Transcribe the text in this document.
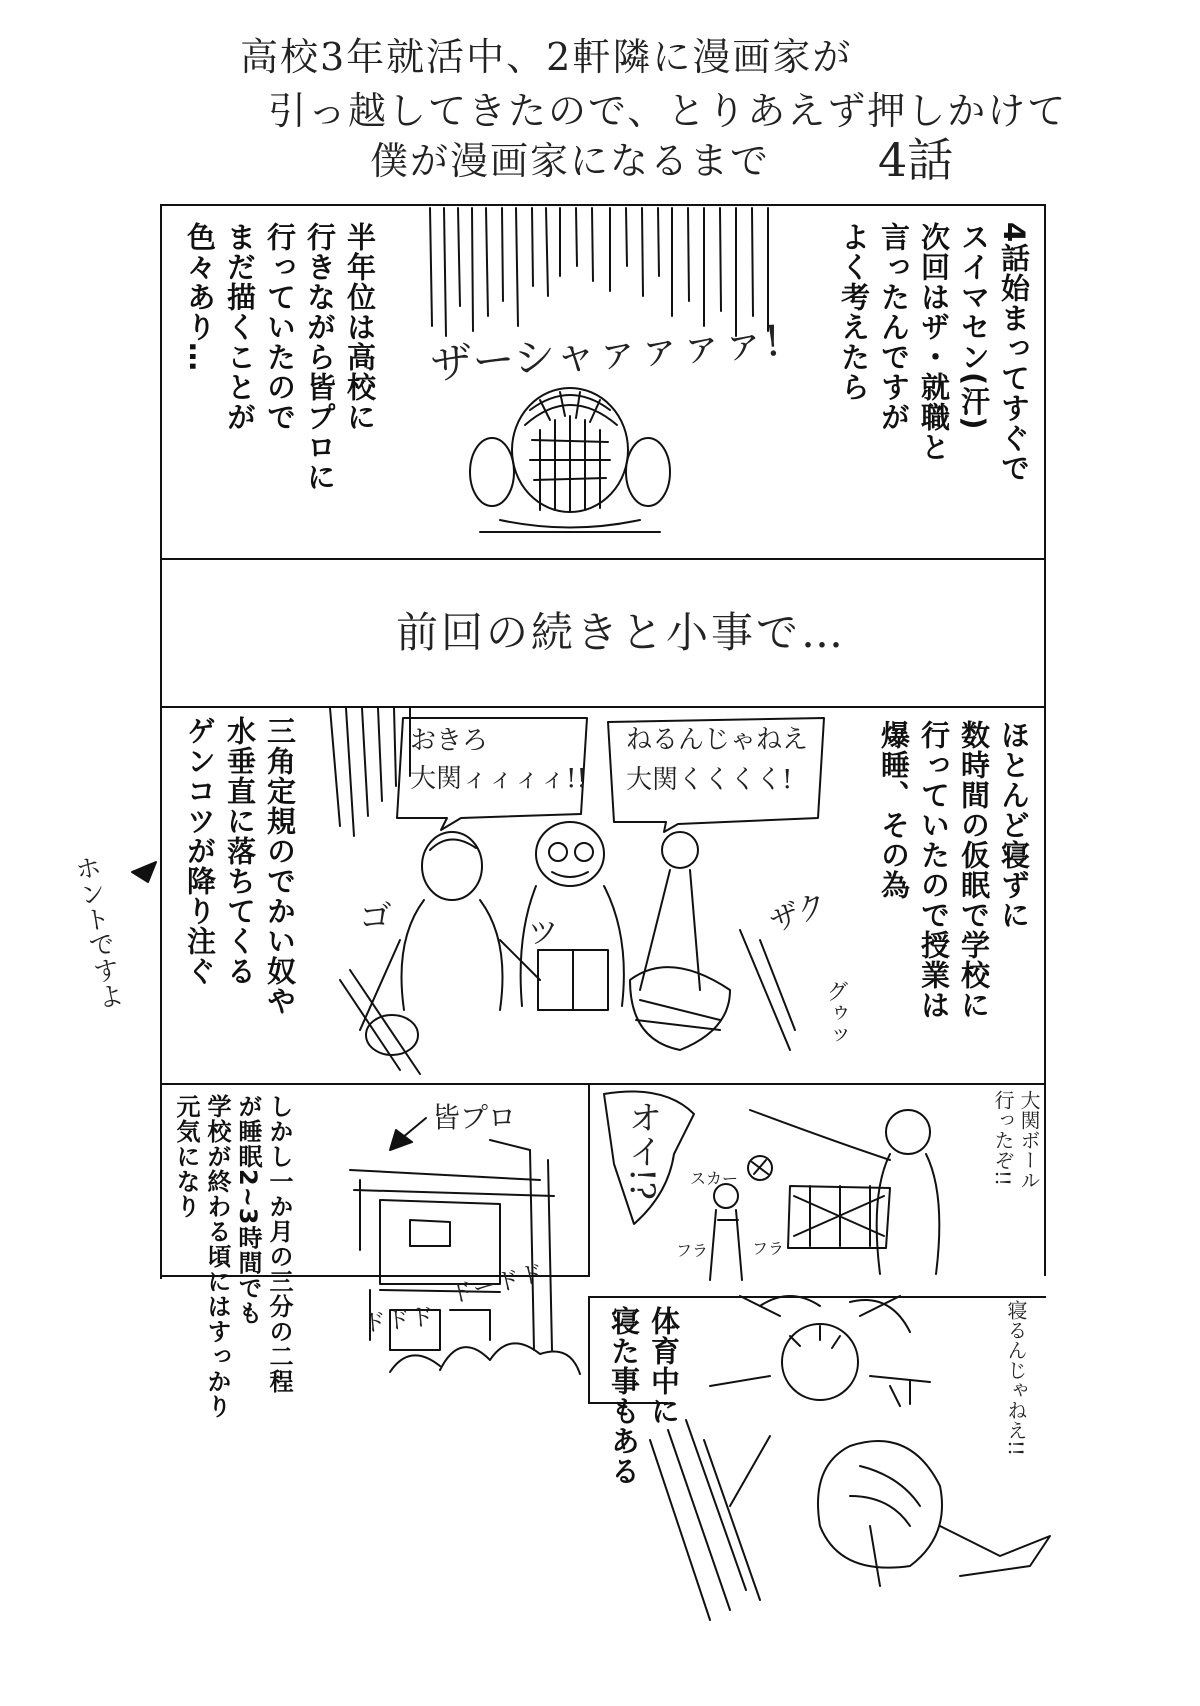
高校3年就活中、2軒隣に漫画家が
引っ越してきたので、とりあえず押しかけて
僕が漫画家になるまで 4話
4話始まってすぐで
スイマセン(汗)
次回はザ・就職と
言ったんですが
よく考えたら
半年位は高校に
行きながら皆プロに
行っていたので
まだ描くことが
色々あり…	ザーシャァァァァ!
前回の続きと小事で…
ほとんど寝ずに
数時間の仮眠で学校に
行っていたので授業は
爆睡、その為
三角定規のでかい奴や
水垂直に落ちてくる
ゲンコツが降り注ぐ	おきろ
大関ィィィィ!!
ねるんじゃねえ
大関くくくく!
ゴ
ツ	ザク
グゥッ
ホントですよ
しかし一か月の三分の二程
が睡眠2~3時間でも
学校が終わる頃にはすっかり
元気になり	皆プロ
ドドド
ドードド
オイ!?	スカー
フラ	フラ
大関ボール
行ったぞ!!
体育中に
寝た事もある	寝るんじゃねえ!!
